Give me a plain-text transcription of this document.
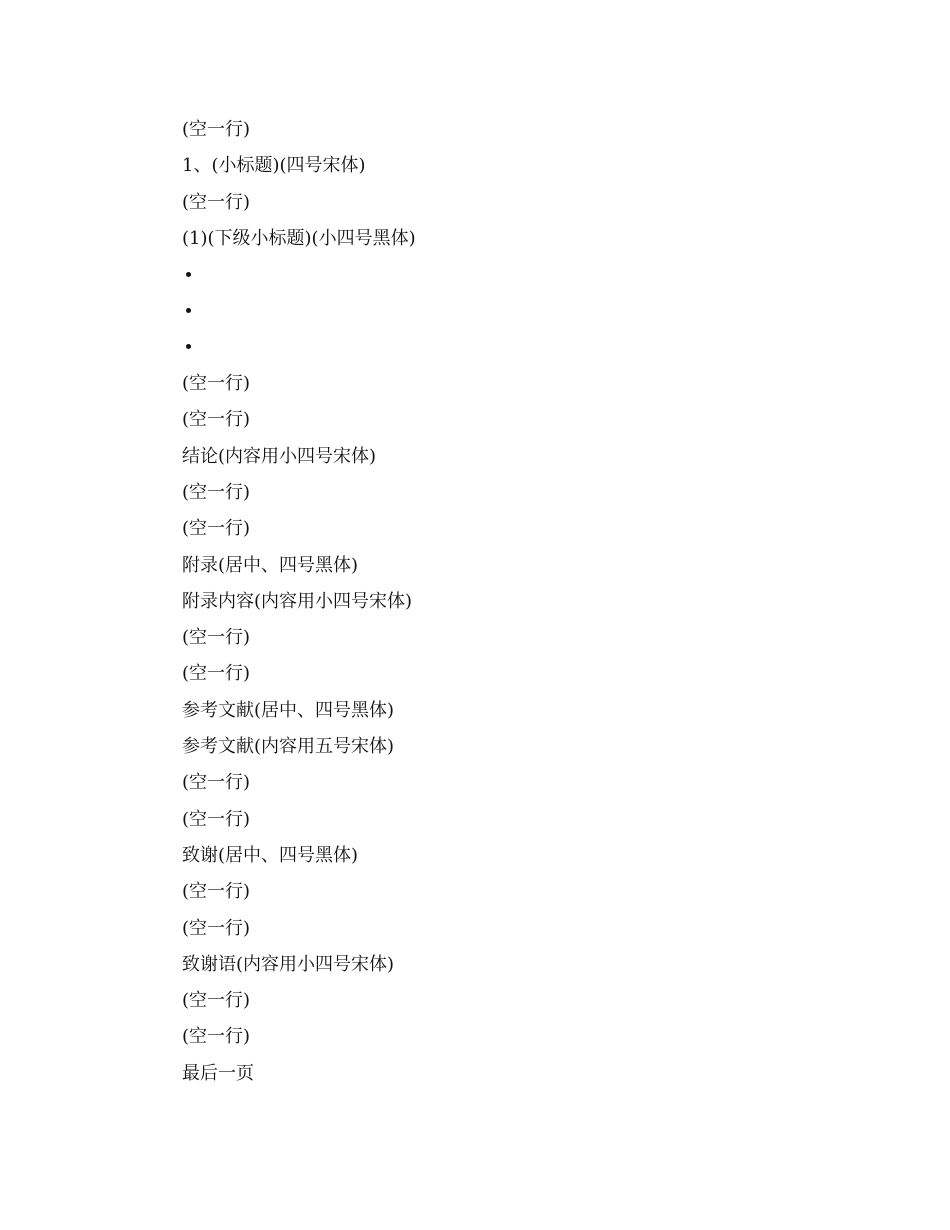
(空一行)
1、(小标题)(四号宋体)
(空一行)
(1)(下级小标题)(小四号黑体)
(空一行)
(空一行)
结论(内容用小四号宋体)
(空一行)
(空一行)
附录(居中、四号黑体)
附录内容(内容用小四号宋体)
(空一行)
(空一行)
参考文献(居中、四号黑体)
参考文献(内容用五号宋体)
(空一行)
(空一行)
致谢(居中、四号黑体)
(空一行)
(空一行)
致谢语(内容用小四号宋体)
(空一行)
(空一行)
最后一页
